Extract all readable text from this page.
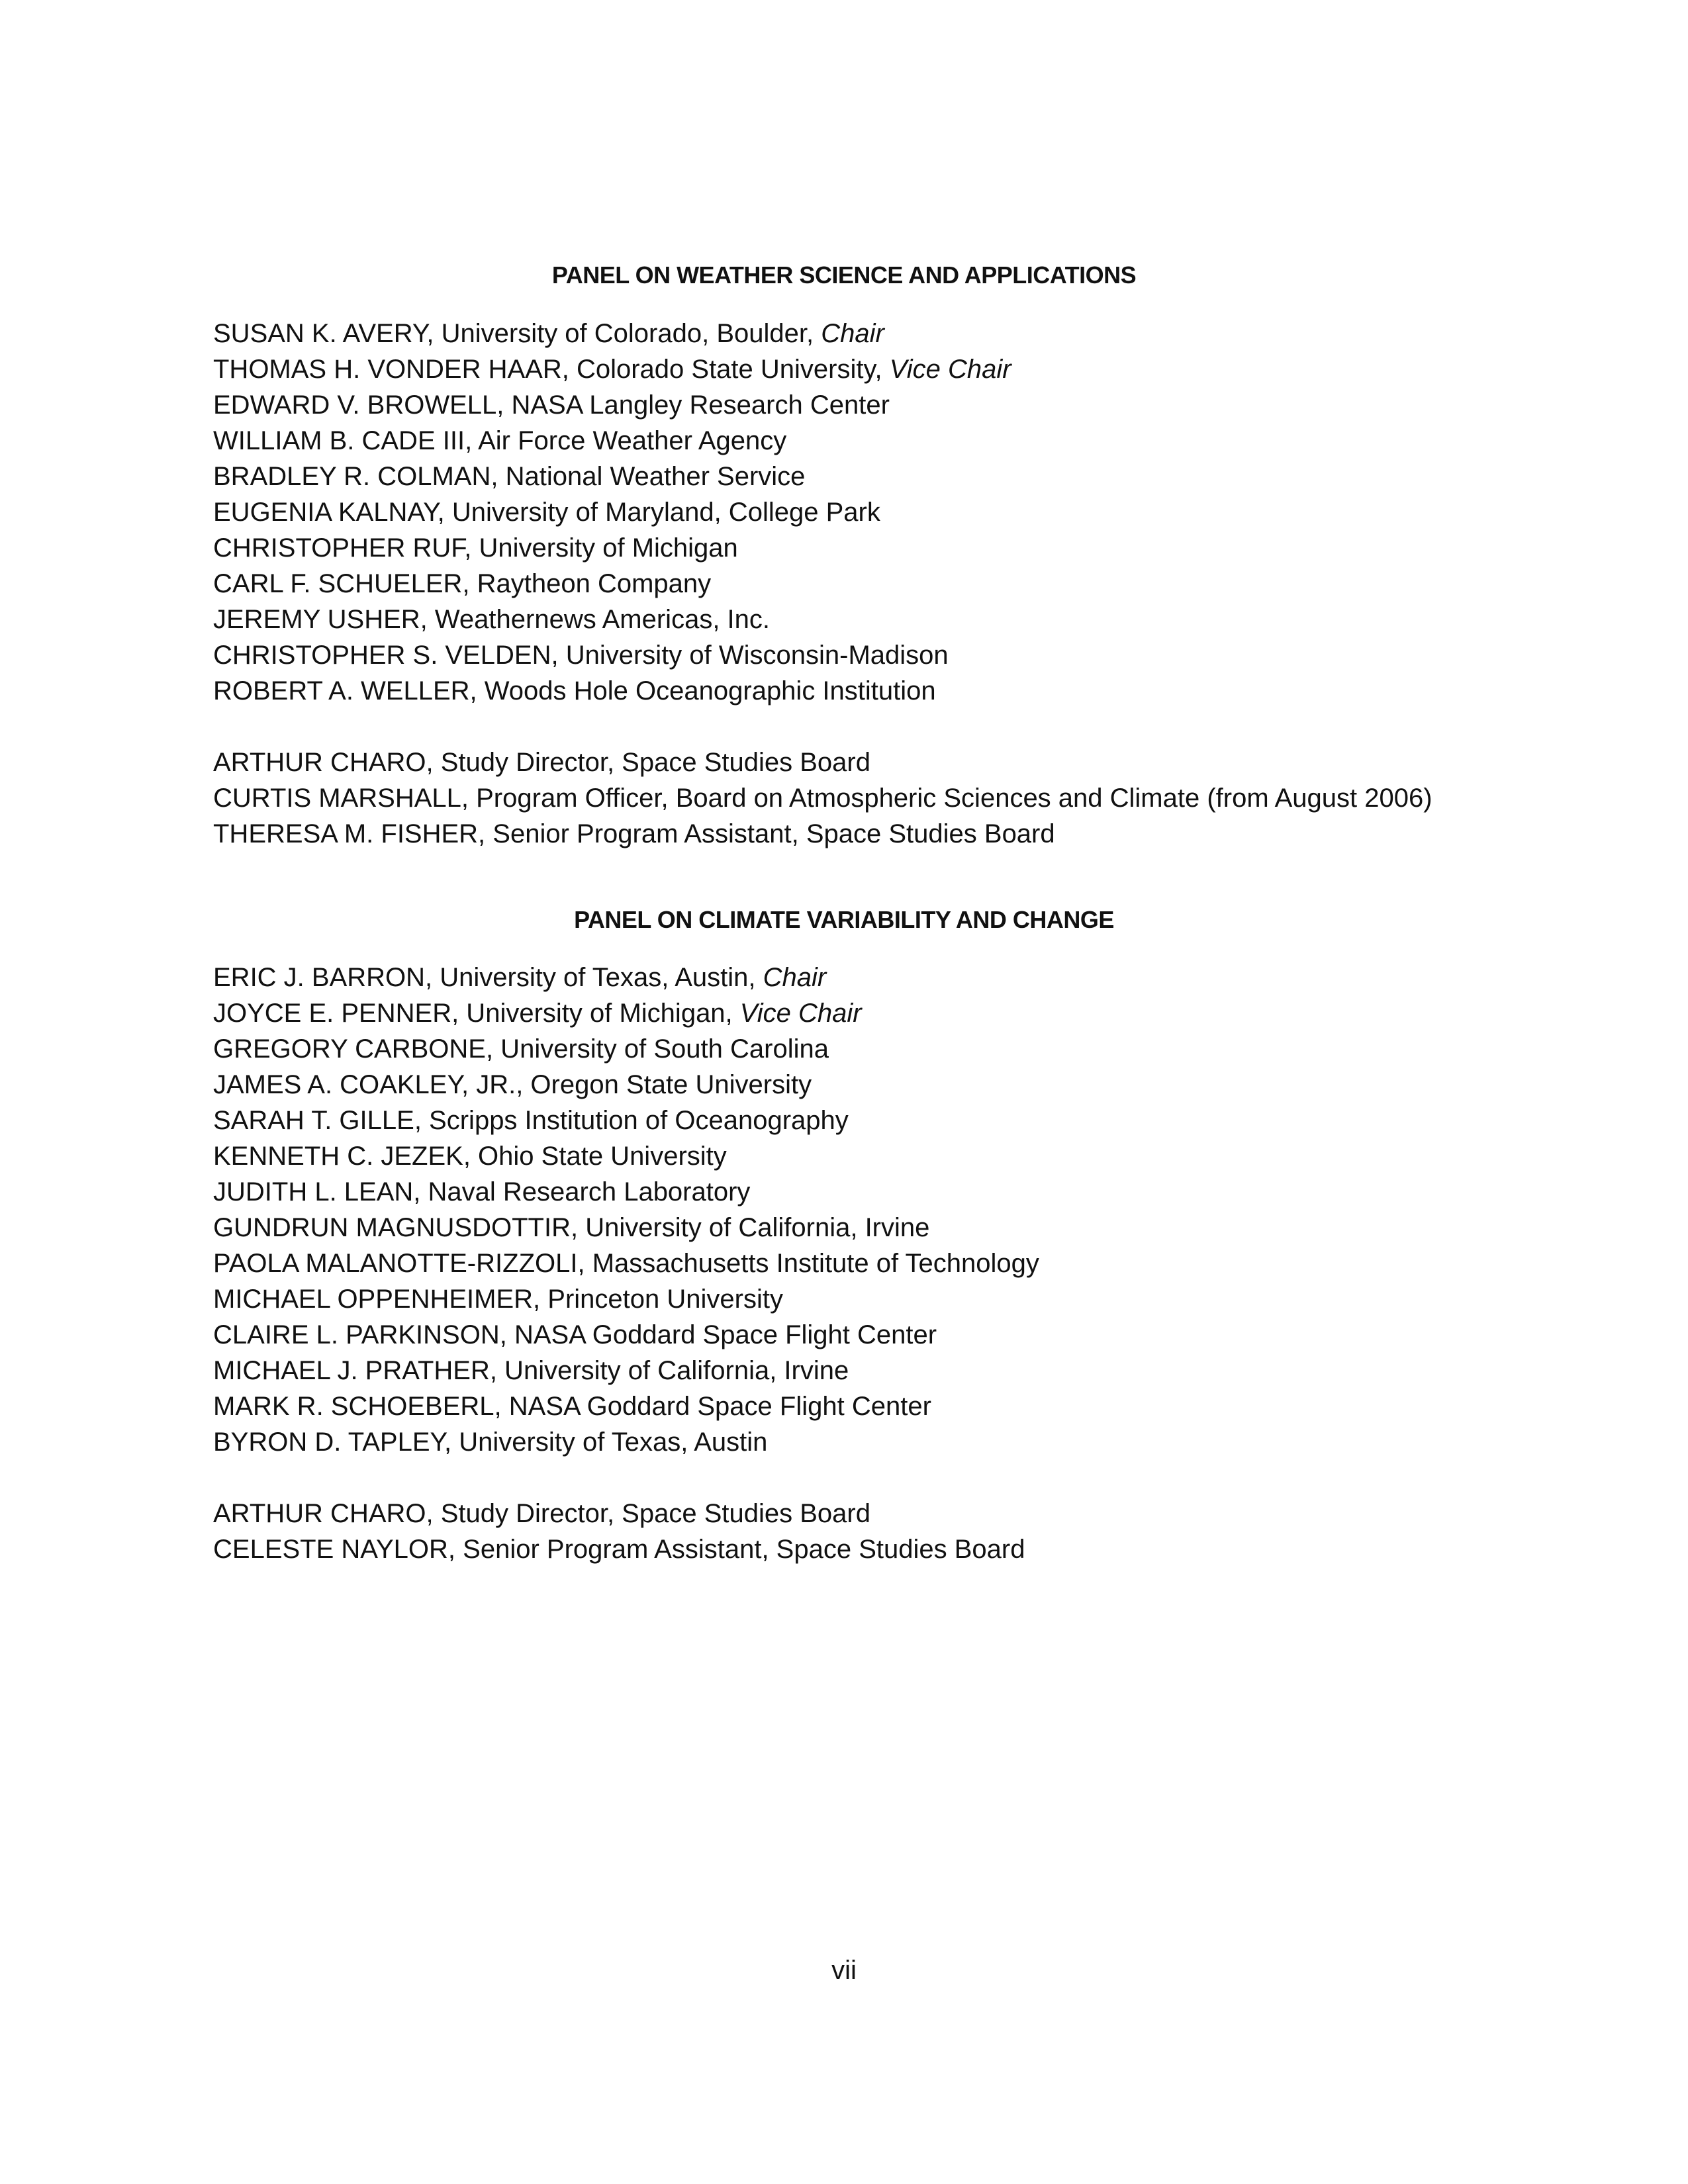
PANEL ON WEATHER SCIENCE AND APPLICATIONS
SUSAN K. AVERY, University of Colorado, Boulder, Chair
THOMAS H. VONDER HAAR, Colorado State University, Vice Chair
EDWARD V. BROWELL, NASA Langley Research Center
WILLIAM B. CADE III, Air Force Weather Agency
BRADLEY R. COLMAN, National Weather Service
EUGENIA KALNAY, University of Maryland, College Park
CHRISTOPHER RUF, University of Michigan
CARL F. SCHUELER, Raytheon Company
JEREMY USHER, Weathernews Americas, Inc.
CHRISTOPHER S. VELDEN, University of Wisconsin-Madison
ROBERT A. WELLER, Woods Hole Oceanographic Institution
ARTHUR CHARO, Study Director, Space Studies Board
CURTIS MARSHALL, Program Officer, Board on Atmospheric Sciences and Climate (from August 2006)
THERESA M. FISHER, Senior Program Assistant, Space Studies Board
PANEL ON CLIMATE VARIABILITY AND CHANGE
ERIC J. BARRON, University of Texas, Austin, Chair
JOYCE E. PENNER, University of Michigan, Vice Chair
GREGORY CARBONE, University of South Carolina
JAMES A. COAKLEY, JR., Oregon State University
SARAH T. GILLE, Scripps Institution of Oceanography
KENNETH C. JEZEK, Ohio State University
JUDITH L. LEAN, Naval Research Laboratory
GUNDRUN MAGNUSDOTTIR, University of California, Irvine
PAOLA MALANOTTE-RIZZOLI, Massachusetts Institute of Technology
MICHAEL OPPENHEIMER, Princeton University
CLAIRE L. PARKINSON, NASA Goddard Space Flight Center
MICHAEL J. PRATHER, University of California, Irvine
MARK R. SCHOEBERL, NASA Goddard Space Flight Center
BYRON D. TAPLEY, University of Texas, Austin
ARTHUR CHARO, Study Director, Space Studies Board
CELESTE NAYLOR, Senior Program Assistant, Space Studies Board
vii
